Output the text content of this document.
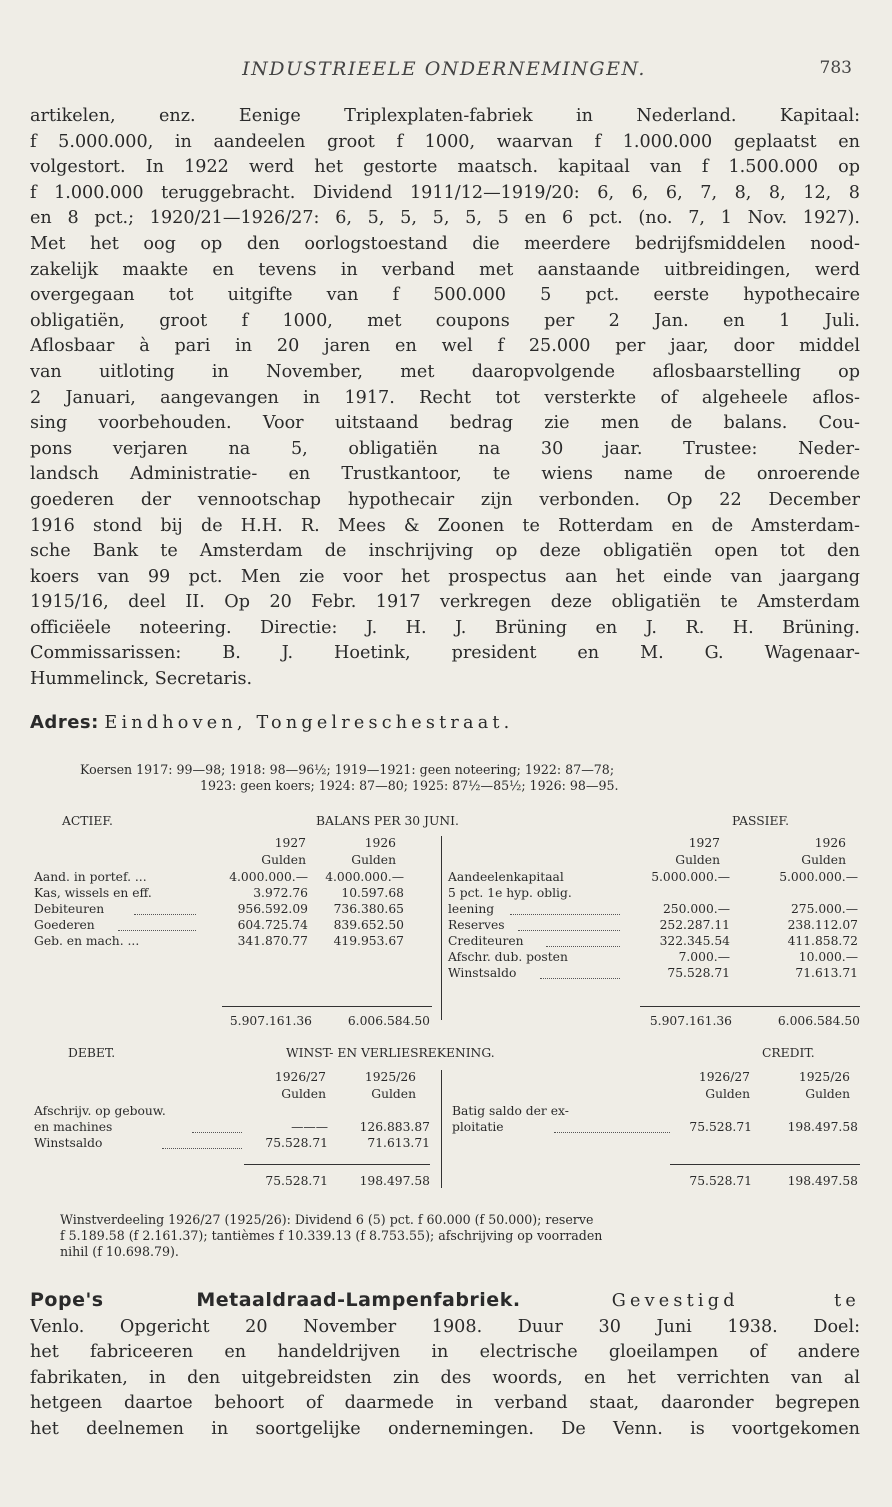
INDUSTRIEELE ONDERNEMINGEN.	783
artikelen, enz. Eenige Triplexplaten-fabriek in Nederland. Kapitaal:
f 5.000.000, in aandeelen groot f 1000, waarvan f 1.000.000 geplaatst en
volgestort. In 1922 werd het gestorte maatsch. kapitaal van f 1.500.000 op
f 1.000.000 teruggebracht. Dividend 1911/12—1919/20: 6, 6, 6, 7, 8, 8, 12, 8
en 8 pct.; 1920/21—1926/27: 6, 5, 5, 5, 5, 5 en 6 pct. (no. 7, 1 Nov. 1927).
Met het oog op den oorlogstoestand die meerdere bedrijfsmiddelen nood-
zakelijk maakte en tevens in verband met aanstaande uitbreidingen, werd
overgegaan tot uitgifte van f 500.000 5 pct. eerste hypothecaire
obligatiën, groot f 1000, met coupons per 2 Jan. en 1 Juli.
Aflosbaar à pari in 20 jaren en wel f 25.000 per jaar, door middel
van uitloting in November, met daaropvolgende aflosbaarstelling op
2 Januari, aangevangen in 1917. Recht tot versterkte of algeheele aflos-
sing voorbehouden. Voor uitstaand bedrag zie men de balans. Cou-
pons verjaren na 5, obligatiën na 30 jaar. Trustee: Neder-
landsch Administratie- en Trustkantoor, te wiens name de onroerende
goederen der vennootschap hypothecair zijn verbonden. Op 22 December
1916 stond bij de H.H. R. Mees & Zoonen te Rotterdam en de Amsterdam-
sche Bank te Amsterdam de inschrijving op deze obligatiën open tot den
koers van 99 pct. Men zie voor het prospectus aan het einde van jaargang
1915/16, deel II. Op 20 Febr. 1917 verkregen deze obligatiën te Amsterdam
officiëele noteering. Directie: J. H. J. Brüning en J. R. H. Brüning.
Commissarissen: B. J. Hoetink, president en M. G. Wagenaar-
Hummelinck, Secretaris.
Adres: Eindhoven, Tongelreschestraat.
Koersen 1917: 99—98; 1918: 98—96½; 1919—1921: geen noteering; 1922: 87—78;
1923: geen koers; 1924: 87—80; 1925: 87½—85½; 1926: 98—95.
ACTIEF.	BALANS PER 30 JUNI.	PASSIEF.
1927	1926	1927	1926
Gulden	Gulden	Gulden	Gulden
Aand. in portef. ...	4.000.000.—	4.000.000.—
Kas, wissels en eff.	3.972.76	10.597.68
Debiteuren	956.592.09	736.380.65
Goederen	604.725.74	839.652.50
Geb. en mach. ...	341.870.77	419.953.67
Aandeelenkapitaal	5.000.000.—	5.000.000.—
5 pct. 1e hyp. oblig.
leening	250.000.—	275.000.—
Reserves	252.287.11	238.112.07
Crediteuren	322.345.54	411.858.72
Afschr. dub. posten	7.000.—	10.000.—
Winstsaldo	75.528.71	71.613.71
5.907.161.36	6.006.584.50	5.907.161.36	6.006.584.50
DEBET.	WINST- EN VERLIESREKENING.	CREDIT.
1926/27	1925/26	1926/27	1925/26
Gulden	Gulden	Gulden	Gulden
Afschrijv. op gebouw.
en machines	———	126.883.87
Winstsaldo	75.528.71	71.613.71
Batig saldo der ex-
ploitatie	75.528.71	198.497.58
75.528.71	198.497.58	75.528.71	198.497.58
Winstverdeeling 1926/27 (1925/26): Dividend 6 (5) pct. f 60.000 (f 50.000); reserve
f 5.189.58 (f 2.161.37); tantièmes f 10.339.13 (f 8.753.55); afschrijving op voorraden
nihil (f 10.698.79).
Pope's Metaaldraad-Lampenfabriek.	Gevestigd te
Venlo. Opgericht 20 November 1908. Duur 30 Juni 1938. Doel:
het fabriceeren en handeldrijven in electrische gloeilampen of andere
fabrikaten, in den uitgebreidsten zin des woords, en het verrichten van al
hetgeen daartoe behoort of daarmede in verband staat, daaronder begrepen
het deelnemen in soortgelijke ondernemingen. De Venn. is voortgekomen
